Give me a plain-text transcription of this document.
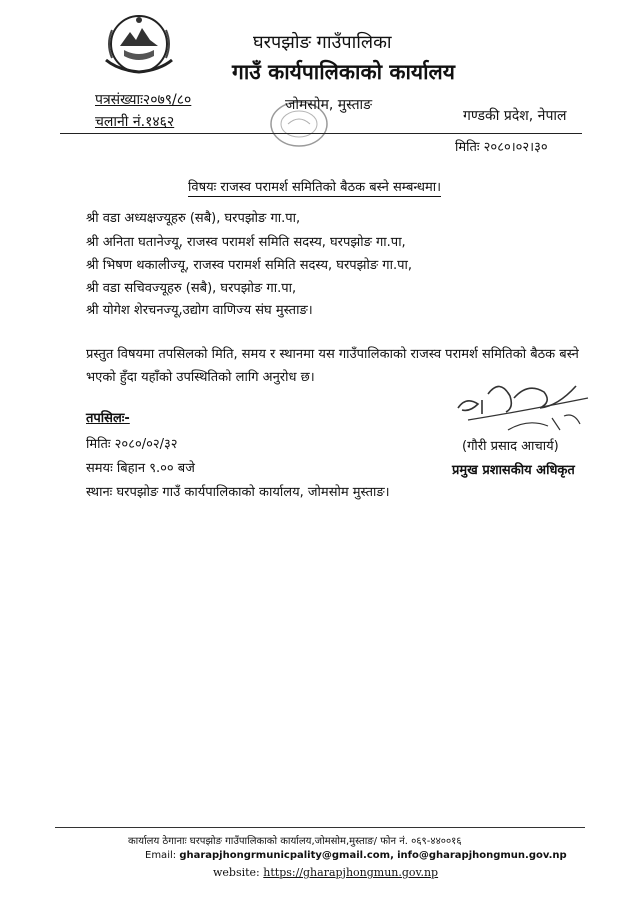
घरपझोङ गाउँपालिका
गाउँ कार्यपालिकाको कार्यालय
पत्रसंख्याः२०७९/८०
चलानी नं.१४६२
जोमसोम, मुस्ताङ
गण्डकी प्रदेश, नेपाल
मितिः २०८०।०२।३०
विषयः राजस्व परामर्श समितिको बैठक बस्ने सम्बन्धमा।
श्री वडा अध्यक्षज्यूहरु (सबै), घरपझोङ गा.पा,
श्री अनिता घतानेज्यू, राजस्व परामर्श समिति सदस्य, घरपझोङ गा.पा,
श्री भिषण थकालीज्यू, राजस्व परामर्श समिति सदस्य, घरपझोङ गा.पा,
श्री वडा सचिवज्यूहरु (सबै), घरपझोङ गा.पा,
श्री योगेश शेरचनज्यू,उद्योग वाणिज्य संघ मुस्ताङ।
प्रस्तुत विषयमा तपसिलको मिति, समय र स्थानमा यस गाउँपालिकाको राजस्व परामर्श समितिको बैठक बस्ने भएको हुँदा यहाँको उपस्थितिको लागि अनुरोध छ।
तपसिलः-
मितिः २०८०/०२/३२
समयः बिहान ९.०० बजे
स्थानः घरपझोङ गाउँ कार्यपालिकाको कार्यालय, जोमसोम मुस्ताङ।
(गौरी प्रसाद आचार्य)
प्रमुख प्रशासकीय अधिकृत
कार्यालय ठेगानाः घरपझोङ गाउँपालिकाको कार्यालय,जोमसोम,मुस्ताङ/ फोन नं. ०६९-४४००१६
Email: gharapjhongrmunicpality@gmail.com, info@gharapjhongmun.gov.np
website: https://gharapjhongmun.gov.np
